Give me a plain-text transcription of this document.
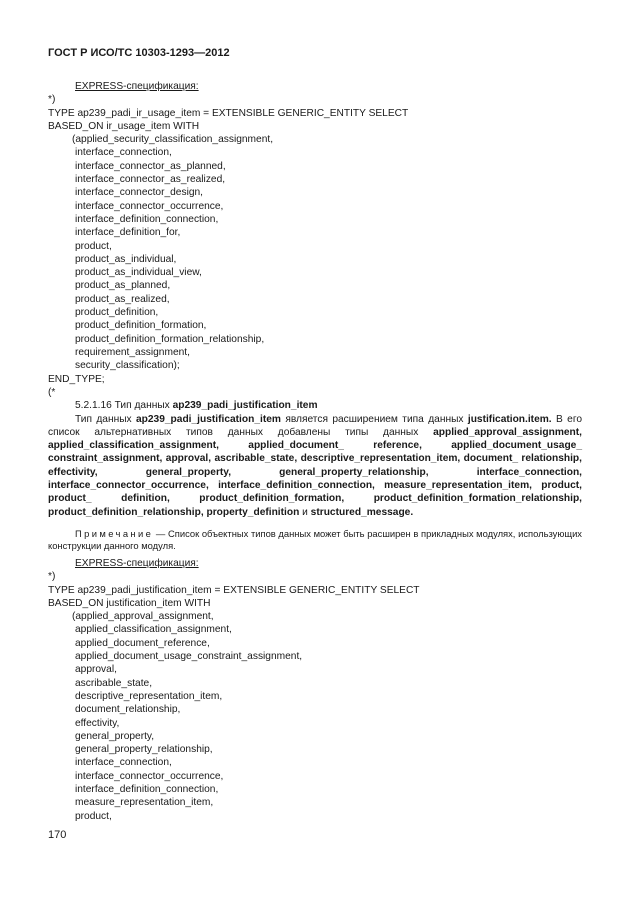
ГОСТ Р ИСО/ТС 10303-1293—2012
EXPRESS-спецификация:
*)
TYPE ap239_padi_ir_usage_item = EXTENSIBLE GENERIC_ENTITY SELECT
BASED_ON ir_usage_item WITH
(applied_security_classification_assignment,
interface_connection,
interface_connector_as_planned,
interface_connector_as_realized,
interface_connector_design,
interface_connector_occurrence,
interface_definition_connection,
interface_definition_for,
product,
product_as_individual,
product_as_individual_view,
product_as_planned,
product_as_realized,
product_definition,
product_definition_formation,
product_definition_formation_relationship,
requirement_assignment,
security_classification);
END_TYPE;
(*
5.2.1.16 Тип данных ap239_padi_justification_item
Тип данных ap239_padi_justification_item является расширением типа данных justification.item. В его список альтернативных типов данных добавлены типы данных applied_approval_assignment, applied_classification_assignment, applied_document_ reference, applied_document_usage_ constraint_assignment, approval, ascribable_state, descriptive_representation_item, document_ relationship, effectivity, general_property, general_property_relationship, interface_connection, interface_connector_occurrence, interface_definition_connection, measure_representation_item, product, product_ definition, product_definition_formation, product_definition_formation_relationship, product_definition_relationship, property_definition и structured_message.
Примечание — Список объектных типов данных может быть расширен в прикладных модулях, использующих конструкции данного модуля.
EXPRESS-спецификация:
*)
TYPE ap239_padi_justification_item = EXTENSIBLE GENERIC_ENTITY SELECT
BASED_ON justification_item WITH
(applied_approval_assignment,
applied_classification_assignment,
applied_document_reference,
applied_document_usage_constraint_assignment,
approval,
ascribable_state,
descriptive_representation_item,
document_relationship,
effectivity,
general_property,
general_property_relationship,
interface_connection,
interface_connector_occurrence,
interface_definition_connection,
measure_representation_item,
product,
170
